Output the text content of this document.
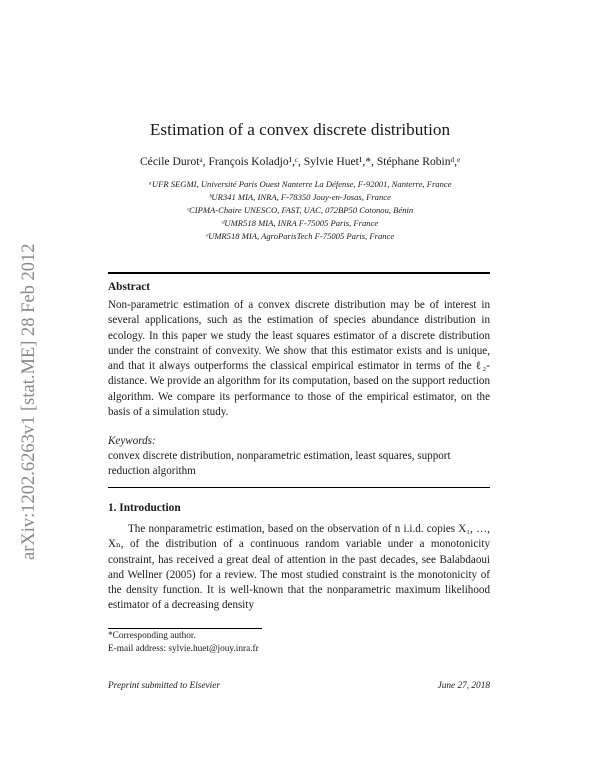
arXiv:1202.6263v1 [stat.ME] 28 Feb 2012
Estimation of a convex discrete distribution
Cécile Durotᵃ, François Koladjo¹,ᶜ, Sylvie Huet¹,*, Stéphane Robinᵈ,ᵉ
ᵃUFR SEGMI, Université Paris Ouest Nanterre La Défense, F-92001, Nanterre, France
ᵇUR341 MIA, INRA, F-78350 Jouy-en-Josas, France
ᶜCIPMA-Chaire UNESCO, FAST, UAC, 072BP50 Cotonou, Bénin
ᵈUMR518 MIA, INRA F-75005 Paris, France
ᵉUMR518 MIA, AgroParisTech F-75005 Paris, France
Abstract

Non-parametric estimation of a convex discrete distribution may be of interest in several applications, such as the estimation of species abundance distribution in ecology. In this paper we study the least squares estimator of a discrete distribution under the constraint of convexity. We show that this estimator exists and is unique, and that it always outperforms the classical empirical estimator in terms of the ℓ₂-distance. We provide an algorithm for its computation, based on the support reduction algorithm. We compare its performance to those of the empirical estimator, on the basis of a simulation study.

Keywords:
convex discrete distribution, nonparametric estimation, least squares, support reduction algorithm
1. Introduction
The nonparametric estimation, based on the observation of n i.i.d. copies X₁, …, Xₙ, of the distribution of a continuous random variable under a monotonicity constraint, has received a great deal of attention in the past decades, see Balabdaoui and Wellner (2005) for a review. The most studied constraint is the monotonicity of the density function. It is well-known that the nonparametric maximum likelihood estimator of a decreasing density
*Corresponding author.
E-mail address: sylvie.huet@jouy.inra.fr
Preprint submitted to Elsevier	June 27, 2018
